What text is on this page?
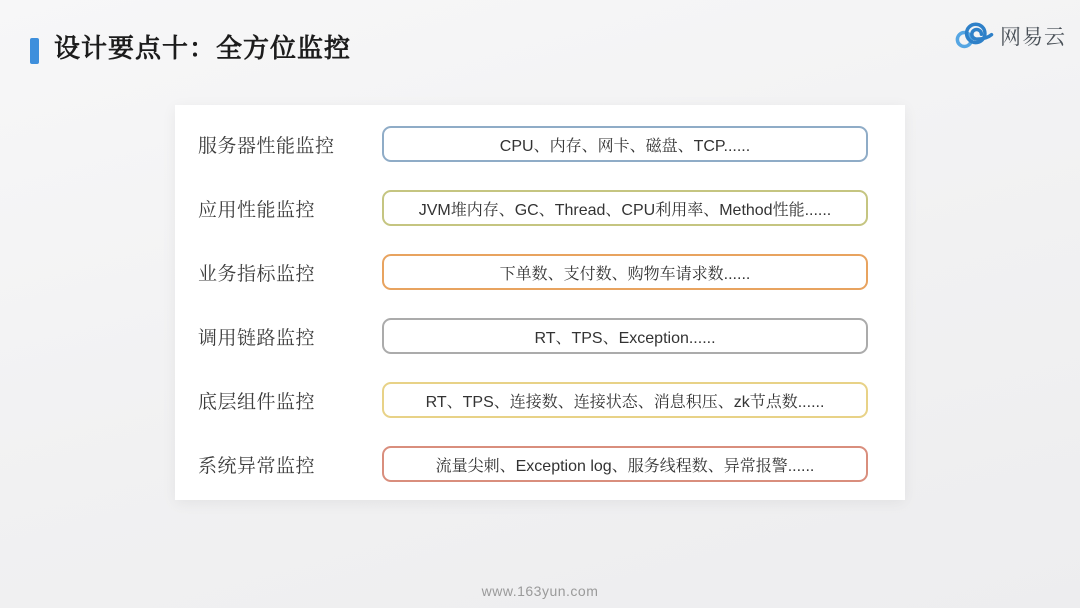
设计要点十：全方位监控	网易云
服务器性能监控	CPU、内存、网卡、磁盘、TCP......
应用性能监控	JVM堆内存、GC、Thread、CPU利用率、Method性能......
业务指标监控	下单数、支付数、购物车请求数......
调用链路监控	RT、TPS、Exception......
底层组件监控	RT、TPS、连接数、连接状态、消息积压、zk节点数......
系统异常监控	流量尖刺、Exception log、服务线程数、异常报警......
www.163yun.com
